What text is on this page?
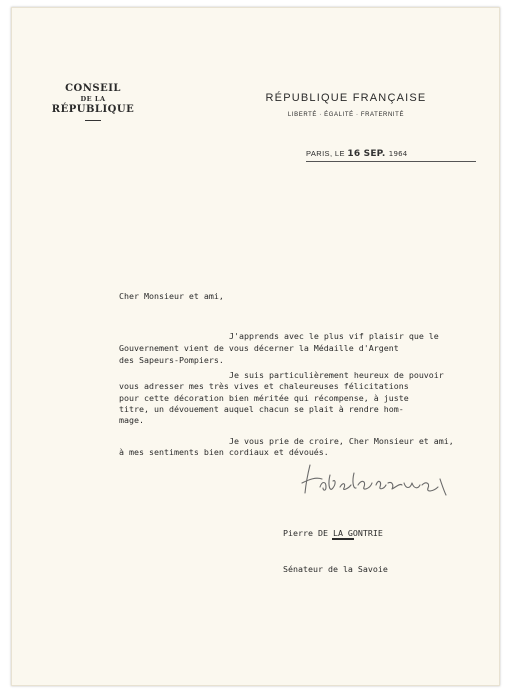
CONSEIL
DE LA
RÉPUBLIQUE
RÉPUBLIQUE FRANÇAISE
LIBERTÉ · ÉGALITÉ · FRATERNITÉ
PARIS, LE 16 SEP. 1964
Cher Monsieur et ami,
J'apprends avec le plus vif plaisir que le
Gouvernement vient de vous décerner la Médaille d'Argent
des Sapeurs-Pompiers.
Je suis particulièrement heureux de pouvoir
vous adresser mes très vives et chaleureuses félicitations
pour cette décoration bien méritée qui récompense, à juste
titre, un dévouement auquel chacun se plait à rendre hom-
mage.
Je vous prie de croire, Cher Monsieur et ami,
à mes sentiments bien cordiaux et dévoués.

Pierre DE LA GONTRIE

Sénateur de la Savoie
